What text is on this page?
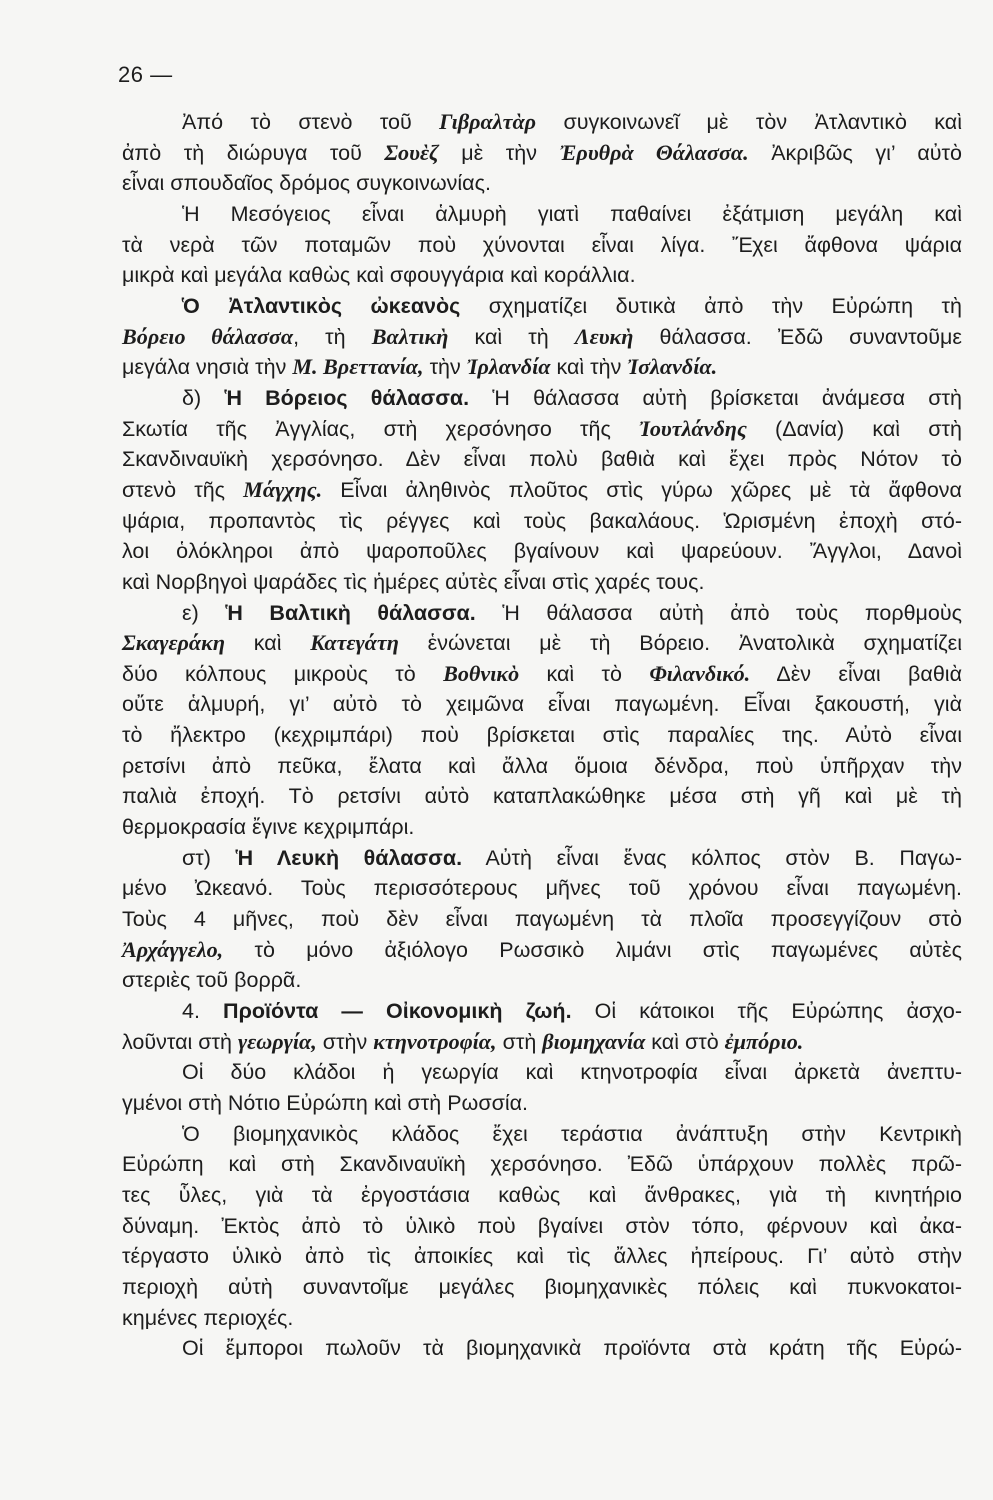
26 —
Ἀπό τὸ στενὸ τοῦ Γιβραλτὰρ συγκοινωνεῖ μὲ τὸν Ἀτλαντικὸ καὶ
ἀπὸ τὴ διώρυγα τοῦ Σουὲζ μὲ τὴν Ἐρυθρὰ Θάλασσα. Ἀκριβῶς γι’ αὐτὸ
εἶναι σπουδαῖος δρόμος συγκοινωνίας.
Ἡ Μεσόγειος εἶναι ἁλμυρὴ γιατὶ παθαίνει ἐξάτμιση μεγάλη καὶ
τὰ νερὰ τῶν ποταμῶν ποὺ χύνονται εἶναι λίγα. Ἔχει ἄφθονα ψάρια
μικρὰ καὶ μεγάλα καθὼς καὶ σφουγγάρια καὶ κοράλλια.
Ὁ Ἀτλαντικὸς ὠκεανὸς σχηματίζει δυτικὰ ἀπὸ τὴν Εὐρώπη τὴ
Βόρειο θάλασσα, τὴ Βαλτικὴ καὶ τὴ Λευκὴ θάλασσα. Ἐδῶ συναντοῦμε
μεγάλα νησιὰ τὴν Μ. Βρεττανία, τὴν Ἰρλανδία καὶ τὴν Ἰσλανδία.
δ) Ἡ Βόρειος θάλασσα. Ἡ θάλασσα αὐτὴ βρίσκεται ἀνάμεσα στὴ
Σκωτία τῆς Ἀγγλίας, στὴ χερσόνησο τῆς Ἰουτλάνδης (Δανία) καὶ στὴ
Σκανδιναυϊκὴ χερσόνησο. Δὲν εἶναι πολὺ βαθιὰ καὶ ἔχει πρὸς Νότον τὸ
στενὸ τῆς Μάγχης. Εἶναι ἀληθινὸς πλοῦτος στὶς γύρω χῶρες μὲ τὰ ἄφθονα
ψάρια, προπαντὸς τὶς ρέγγες καὶ τοὺς βακαλάους. Ὡρισμένη ἐποχὴ στό-
λοι ὁλόκληροι ἀπὸ ψαροποῦλες βγαίνουν καὶ ψαρεύουν. Ἄγγλοι, Δανοὶ
καὶ Νορβηγοὶ ψαράδες τὶς ἡμέρες αὐτὲς εἶναι στὶς χαρές τους.
ε) Ἡ Βαλτικὴ θάλασσα. Ἡ θάλασσα αὐτὴ ἀπὸ τοὺς πορθμοὺς
Σκαγεράκη καὶ Κατεγάτη ἑνώνεται μὲ τὴ Βόρειο. Ἀνατολικὰ σχηματίζει
δύο κόλπους μικροὺς τὸ Βοθνικὸ καὶ τὸ Φιλανδικό. Δὲν εἶναι βαθιὰ
οὔτε ἁλμυρή, γι’ αὐτὸ τὸ χειμῶνα εἶναι παγωμένη. Εἶναι ξακουστή, γιὰ
τὸ ἤλεκτρο (κεχριμπάρι) ποὺ βρίσκεται στὶς παραλίες της. Αὐτὸ εἶναι
ρετσίνι ἀπὸ πεῦκα, ἔλατα καὶ ἄλλα ὅμοια δένδρα, ποὺ ὑπῆρχαν τὴν
παλιὰ ἐποχή. Τὸ ρετσίνι αὐτὸ καταπλακώθηκε μέσα στὴ γῆ καὶ μὲ τὴ
θερμοκρασία ἔγινε κεχριμπάρι.
στ) Ἡ Λευκὴ θάλασσα. Αὐτὴ εἶναι ἕνας κόλπος στὸν Β. Παγω-
μένο Ὠκεανό. Τοὺς περισσότερους μῆνες τοῦ χρόνου εἶναι παγωμένη.
Τοὺς 4 μῆνες, ποὺ δὲν εἶναι παγωμένη τὰ πλοῖα προσεγγίζουν στὸ
Ἀρχάγγελο, τὸ μόνο ἀξιόλογο Ρωσσικὸ λιμάνι στὶς παγωμένες αὐτὲς
στεριὲς τοῦ βορρᾶ.
4. Προϊόντα — Οἰκονομικὴ ζωή. Οἱ κάτοικοι τῆς Εὐρώπης ἀσχο-
λοῦνται στὴ γεωργία, στὴν κτηνοτροφία, στὴ βιομηχανία καὶ στὸ ἐμπόριο.
Οἱ δύο κλάδοι ἡ γεωργία καὶ κτηνοτροφία εἶναι ἀρκετὰ ἀνεπτυ-
γμένοι στὴ Νότιο Εὐρώπη καὶ στὴ Ρωσσία.
Ὁ βιομηχανικὸς κλάδος ἔχει τεράστια ἀνάπτυξη στὴν Κεντρικὴ
Εὐρώπη καὶ στὴ Σκανδιναυϊκὴ χερσόνησο. Ἐδῶ ὑπάρχουν πολλὲς πρῶ-
τες ὗλες, γιὰ τὰ ἐργοστάσια καθὼς καὶ ἄνθρακες, γιὰ τὴ κινητήριο
δύναμη. Ἐκτὸς ἀπὸ τὸ ὑλικὸ ποὺ βγαίνει στὸν τόπο, φέρνουν καὶ ἀκα-
τέργαστο ὑλικὸ ἀπὸ τὶς ἀποικίες καὶ τὶς ἄλλες ἠπείρους. Γι’ αὐτὸ στὴν
περιοχὴ αὐτὴ συναντοῖμε μεγάλες βιομηχανικὲς πόλεις καὶ πυκνοκατοι-
κημένες περιοχές.
Οἱ ἔμποροι πωλοῦν τὰ βιομηχανικὰ προϊόντα στὰ κράτη τῆς Εὐρώ-
